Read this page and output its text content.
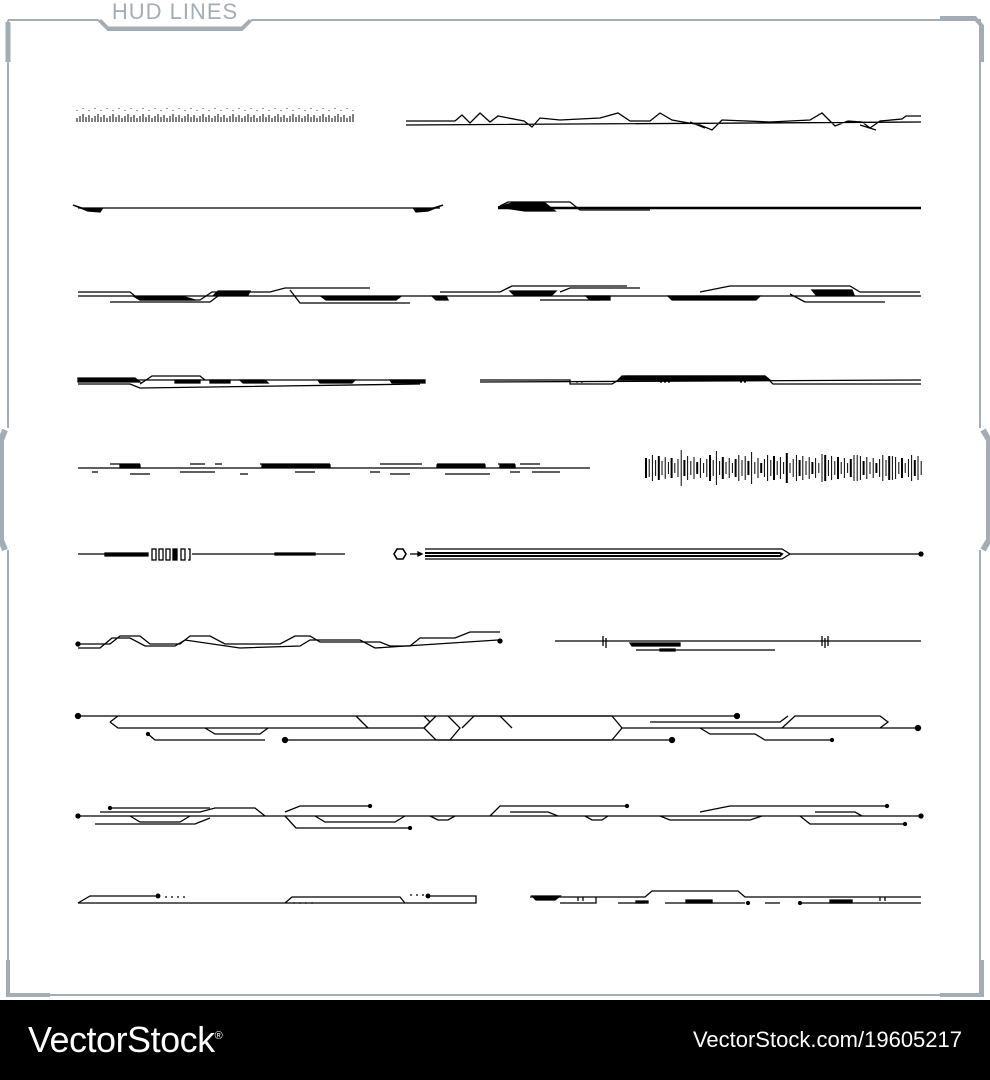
HUD LINES
VectorStock®	VectorStock.com/19605217
